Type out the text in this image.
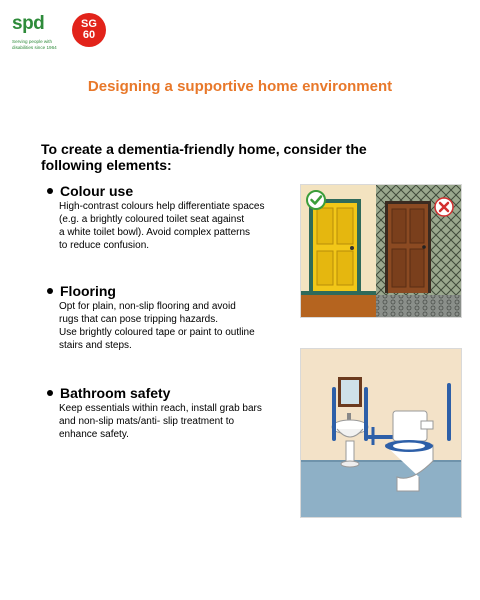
spd
Serving people with disabilities since 1964
SG
60
Designing a supportive home environment
To create a dementia-friendly home, consider the following elements:
Colour use
High-contrast colours help differentiate spaces
(e.g. a brightly coloured toilet seat against
a white toilet bowl). Avoid complex patterns
to reduce confusion.
Flooring
Opt for plain, non-slip flooring and avoid
rugs that can pose tripping hazards.
Use brightly coloured tape or paint to outline
stairs and steps.
Bathroom safety
Keep essentials within reach, install grab bars
and non-slip mats/anti- slip treatment to
enhance safety.
